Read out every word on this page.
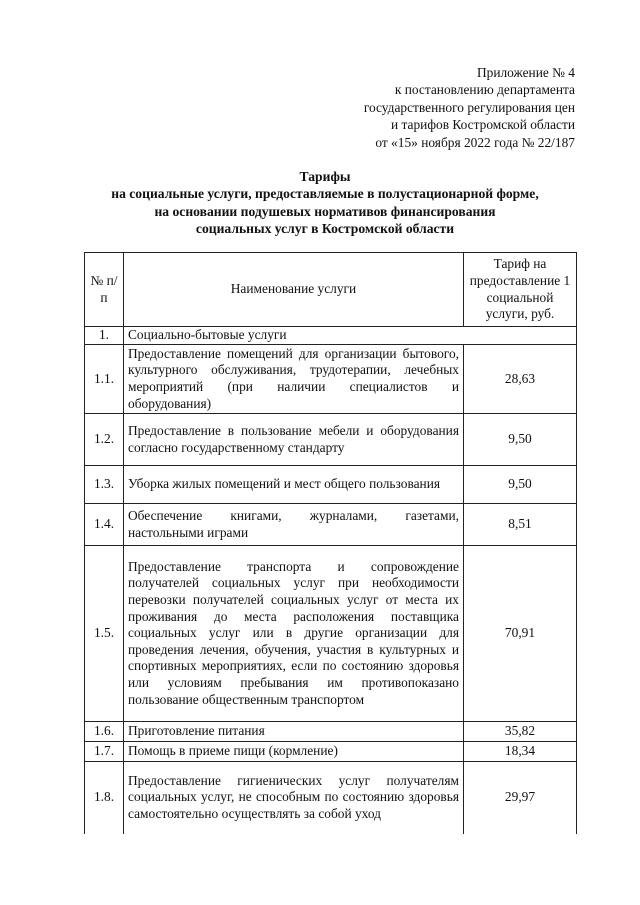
Приложение № 4
к постановлению департамента
государственного регулирования цен
и тарифов Костромской области
от «15» ноября 2022 года № 22/187
Тарифы
на социальные услуги, предоставляемые в полустационарной форме,
на основании подушевых нормативов финансирования
социальных услуг в Костромской области
№ п/п	Наименование услуги	Тариф на предоставление 1 социальной услуги, руб.
1.	Социально-бытовые услуги	
1.1.	Предоставление помещений для организации бытового, культурного обслуживания, трудотерапии, лечебных мероприятий (при наличии специалистов и оборудования)	28,63
1.2.	Предоставление в пользование мебели и оборудования согласно государственному стандарту	9,50
1.3.	Уборка жилых помещений и мест общего пользования	9,50
1.4.	Обеспечение книгами, журналами, газетами, настольными играми	8,51
1.5.	Предоставление транспорта и сопровождение получателей социальных услуг при необходимости перевозки получателей социальных услуг от места их проживания до места расположения поставщика социальных услуг или в другие организации для проведения лечения, обучения, участия в культурных и спортивных мероприятиях, если по состоянию здоровья или условиям пребывания им противопоказано пользование общественным транспортом	70,91
1.6.	Приготовление питания	35,82
1.7.	Помощь в приеме пищи (кормление)	18,34
1.8.	Предоставление гигиенических услуг получателям социальных услуг, не способным по состоянию здоровья самостоятельно осуществлять за собой уход	29,97
